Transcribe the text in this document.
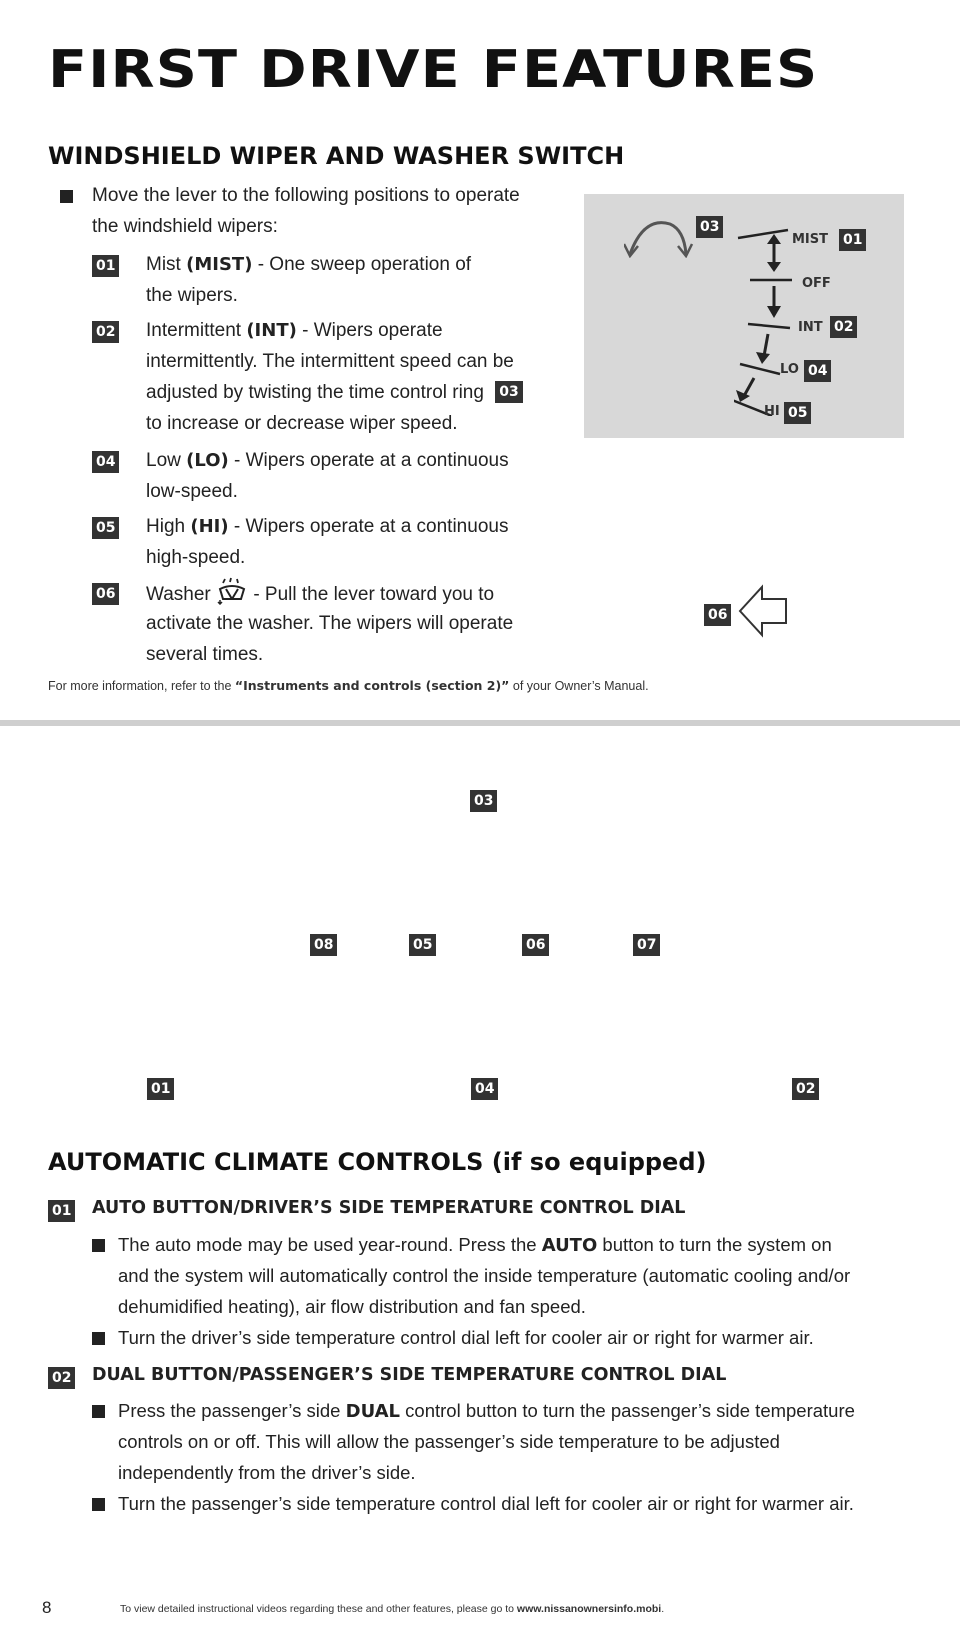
FIRST DRIVE FEATURES
WINDSHIELD WIPER AND WASHER SWITCH
Move the lever to the following positions to operate
the windshield wipers:
01 Mist (MIST) - One sweep operation of
the wipers.
02 Intermittent (INT) - Wipers operate
intermittently. The intermittent speed can be
adjusted by twisting the time control ring 03
to increase or decrease wiper speed.
04 Low (LO) - Wipers operate at a continuous
low-speed.
05 High (HI) - Wipers operate at a continuous
high-speed.
06 Washer  - Pull the lever toward you to
activate the washer. The wipers will operate
several times.
03
MIST 01
OFF
INT 02
LO 04
HI 05
06
For more information, refer to the “Instruments and controls (section 2)” of your Owner’s Manual.
03
08	05	06	07
01	04	02
AUTOMATIC CLIMATE CONTROLS (if so equipped)
01 AUTO BUTTON/DRIVER’S SIDE TEMPERATURE CONTROL DIAL
The auto mode may be used year-round. Press the AUTO button to turn the system on
and the system will automatically control the inside temperature (automatic cooling and/or
dehumidified heating), air flow distribution and fan speed.
Turn the driver’s side temperature control dial left for cooler air or right for warmer air.
02 DUAL BUTTON/PASSENGER’S SIDE TEMPERATURE CONTROL DIAL
Press the passenger’s side DUAL control button to turn the passenger’s side temperature
controls on or off. This will allow the passenger’s side temperature to be adjusted
independently from the driver’s side.
Turn the passenger’s side temperature control dial left for cooler air or right for warmer air.
8	To view detailed instructional videos regarding these and other features, please go to www.nissanownersinfo.mobi.
